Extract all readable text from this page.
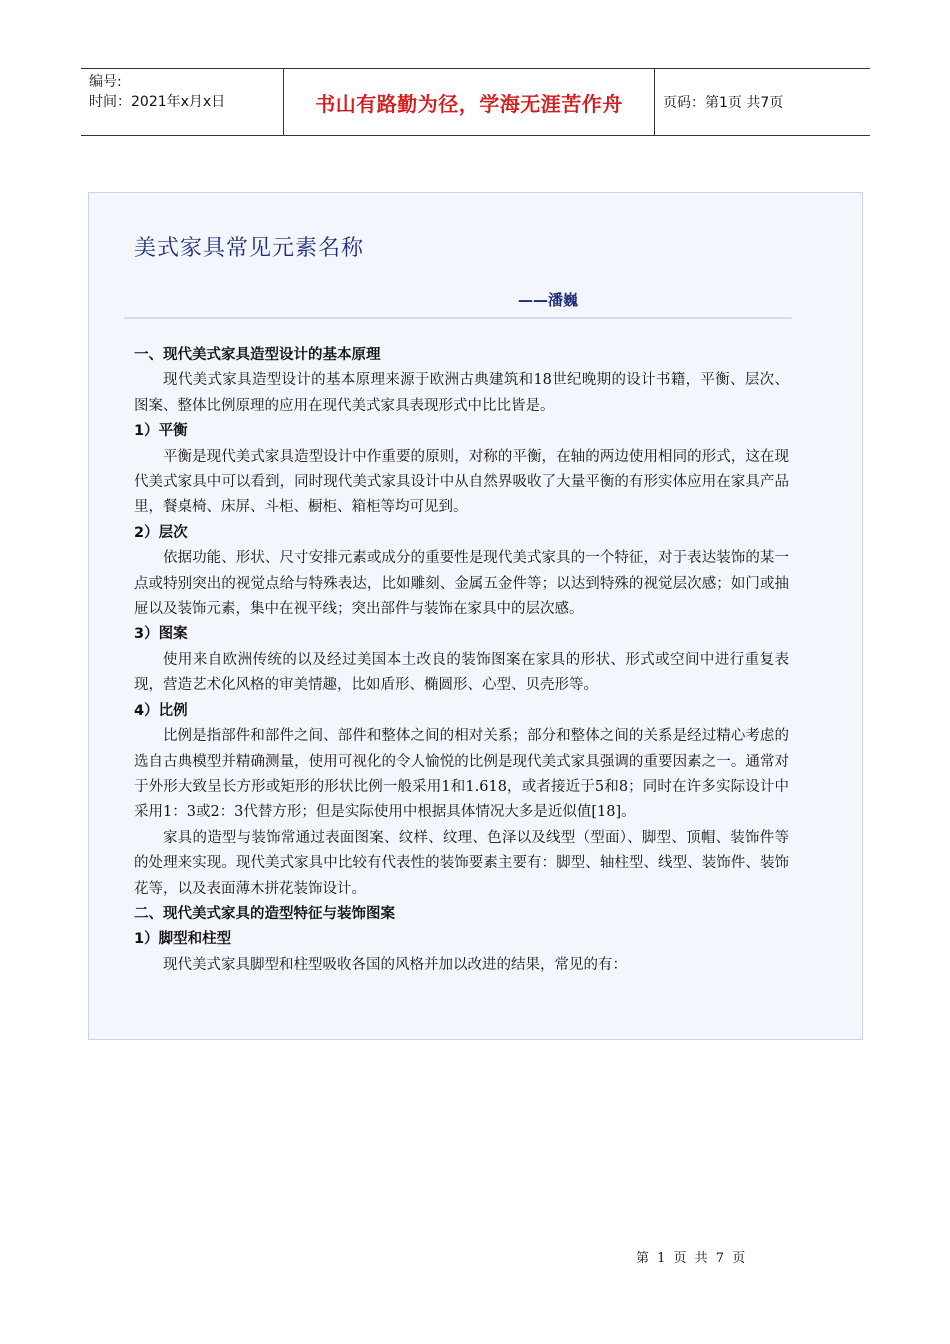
编号:
时间：2021年x月x日	书山有路勤为径，学海无涯苦作舟	页码：第1页 共7页
美式家具常见元素名称
——潘巍
一、现代美式家具造型设计的基本原理
现代美式家具造型设计的基本原理来源于欧洲古典建筑和18世纪晚期的设计书籍，平衡、层次、图案、整体比例原理的应用在现代美式家具表现形式中比比皆是。
1）平衡
平衡是现代美式家具造型设计中作重要的原则，对称的平衡，在轴的两边使用相同的形式，这在现代美式家具中可以看到，同时现代美式家具设计中从自然界吸收了大量平衡的有形实体应用在家具产品里，餐桌椅、床屏、斗柜、橱柜、箱柜等均可见到。
2）层次
依据功能、形状、尺寸安排元素或成分的重要性是现代美式家具的一个特征，对于表达装饰的某一点或特别突出的视觉点给与特殊表达，比如雕刻、金属五金件等；以达到特殊的视觉层次感；如门或抽屉以及装饰元素，集中在视平线；突出部件与装饰在家具中的层次感。
3）图案
使用来自欧洲传统的以及经过美国本土改良的装饰图案在家具的形状、形式或空间中进行重复表现，营造艺术化风格的审美情趣，比如盾形、椭圆形、心型、贝壳形等。
4）比例
比例是指部件和部件之间、部件和整体之间的相对关系；部分和整体之间的关系是经过精心考虑的选自古典模型并精确测量，使用可视化的令人愉悦的比例是现代美式家具强调的重要因素之一。通常对于外形大致呈长方形或矩形的形状比例一般采用1和1.618，或者接近于5和8；同时在许多实际设计中采用1：3或2：3代替方形；但是实际使用中根据具体情况大多是近似值[18]。
家具的造型与装饰常通过表面图案、纹样、纹理、色泽以及线型（型面）、脚型、顶帽、装饰件等的处理来实现。现代美式家具中比较有代表性的装饰要素主要有：脚型、轴柱型、线型、装饰件、装饰花等，以及表面薄木拼花装饰设计。
二、现代美式家具的造型特征与装饰图案
1）脚型和柱型
现代美式家具脚型和柱型吸收各国的风格并加以改进的结果，常见的有：
第 1 页 共 7 页
